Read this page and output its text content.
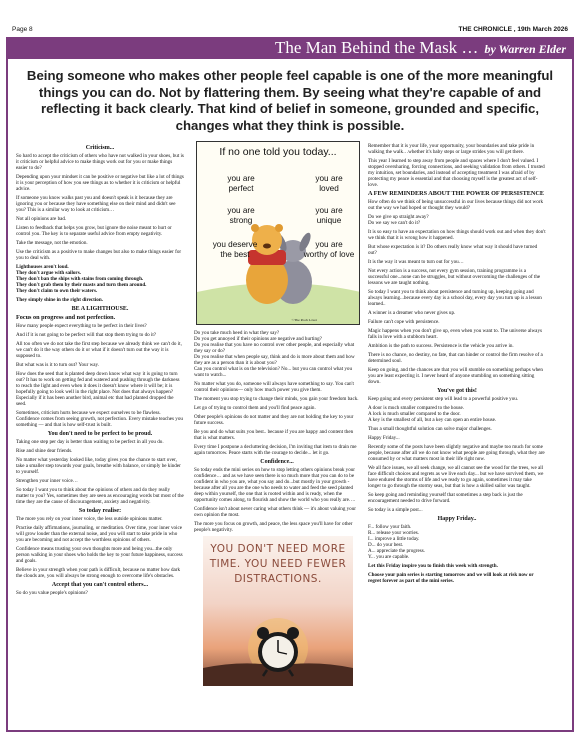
Page 8	THE CHRONICLE , 19th March 2026
The Man Behind the Mask … by Warren Elder
Being someone who makes other people feel capable is one of the more meaningful things you can do. Not by flattering them. By seeing what they're capable of and reflecting it back clearly. That kind of belief in someone, grounded and specific, changes what they think is possible.
Criticism...

So hard to accept the criticism of others who have not walked in your shoes, but is it criticism or helpful advice to make things work out for you or make things easier to do?

Depending upon your mindset it can be positive or negative but like a lot of things it is your perception of how you see things as to whether it is criticism or helpful advice.

If someone you know walks past you and doesn't speak is it because they are ignoring you or because they have something else on their mind and didn't see you? This is a similar way to look at criticism…

Not all opinions are bad.

Listen to feedback that helps you grow, but ignore the noise meant to hurt or control you. The key is to separate useful advice from empty negativity.

Take the message, not the emotion.

Use the criticism as a positive to make changes but also to make things easier for you to deal with.

Lighthouses aren't loud.
They don't argue with sailors.
They don't ban the ships with stains from coming through.
They don't grab them by their masts and turn them around.

They don't claim to own their waters.

They simply shine in the right direction.

BE A LIGHTHOUSE.
Focus on progress and not perfection.

How many people expect everything to be perfect in their lives?

And if it is not going to be perfect will that stop them trying to do it?

All too often we do not take the first step because we already think we can't do it, we can't do it the way others do it or what if it doesn't turn out the way it is supposed to.

But what was is it to turn out? Your way.

How does the seed that is planted deep down know what way it is going to turn out? It has to work on getting fed and watered and pushing through the darkness to reach the light and even when it does it doesn't know where it will be; it is hopefully going to look well in the right place. Not does that always happen? Especially if it has been another bird, animal etc that had planted dropped the seed.

Sometimes, criticism hurts because we expect ourselves to be flawless. Confidence comes from seeing growth, not perfection. Every mistake teaches you something — and that is how self-trust is built.

You don't need to be perfect to be proud.

Taking one step per day is better than waiting to be perfect in all you do.

Rise and shine dear friends.

No matter what yesterday looked like, today gives you the chance to start over, take a smaller step towards your goals, breathe with balance, or simply be kinder to yourself.

Strengthen your inner voice…

So today I want you to think about the opinions of others and do they really matter to you? Yes, sometimes they are seen as encouraging words but most of the time they are the cause of discouragement, anxiety and negativity.

So today realise:

The more you rely on your inner voice, the less outside opinions matter.

Practise daily affirmations, journaling, or meditation. Over time, your inner voice will grow louder than the external noise, and you will start to take pride in who you are becoming and not accept the worthless opinions of others.

Confidence means trusting your own thoughts more and being you...the only person walking in your shoes who holds the key to your future happiness, success and goals.

Believe in your strength when your path is difficult, because no matter how dark the clouds are, you will always be strong enough to overcome life's obstacles.

Accept that you can't control others...

So do you value people's opinions?

If no one told you today...
you are perfect
you are strong
you deserve the best
you are loved
you are unique
you are worthy of love
©The Pooh Lover
Do you take much heed in what they say?
Do you get annoyed if their opinions are negative and hurting?
Do you realise that you have no control over other people, and especially what they say or do?
Do you realise that when people say, think and do is more about them and how they are as a person than it is about you?

Can you control what is on the television? No... but you can control what you want to watch...

No matter what you do, someone will always have something to say. You can't control their opinions— only how much power you give them.

The moment you stop trying to change their minds, you gain your freedom back.

Let go of trying to control them and you'll find peace again.

Other people's opinions do not matter and they are not holding the key to your future success.

Be you and do what suits you best.. because if you are happy and content then that is what matters.

Every time I postpone a decluttering decision, I'm inviting that item to drain me again tomorrow. Peace starts with the courage to decide... let it go.

Confidence...

So today ends the mini series on how to stop letting others opinions break your confidence… and as we have seen there is so much more that you can do to be confident in who you are, what you say and do...but mostly in your growth - because after all you are the one who needs to water and feed the seed planted deep within yourself, the one that is rooted within and is ready, when the opportunity comes along, to flourish and show the world who you really are….

Confidence isn't about never caring what others think — it's about valuing your own opinion the most.

The more you focus on growth, and peace, the less space you'll have for other people's negativity.

YOU DON'T NEED MORE TIME. YOU NEED FEWER DISTRACTIONS.

Remember that it is your life, your opportunity, your boundaries and take pride in walking the walk…whether it's baby steps or large strides you will get there.

This year I learned to step away from people and spaces where I don't feel valued. I stopped oversharing, forcing connections, and seeking validation from others. I trusted my intuition, set boundaries, and instead of accepting treatment I was afraid of by protecting my peace is essential and that choosing myself is the greatest act of self-love.

A FEW REMINDERS ABOUT THE POWER OF PERSISTENCE

How often do we think of being unsuccessful in our lives because things did not work out the way we had hoped or thought they would?

Do we give up straight away?

Do we say we can't do it?

It is so easy to have an expectation on how things should work out and when they don't we think that it is wrong how it happened.

But whose expectation is it? Do others really know what way it should have turned out?

It is the way it was meant to turn out for you…

Not every action is a success, not every gym session, training programme is a successful one...none can be struggles, but without overcoming the challenges of the lessons we are taught nothing.

So today I want you to think about persistence and turning up, keeping going and always learning...because every day is a school day, every day you turn up is a lesson learned..

A winner is a dreamer who never gives up.

Failure can't cope with persistence.

Magic happens when you don't give up, even when you want to. The universe always falls in love with a stubborn heart.

Ambition is the path to success. Persistence is the vehicle you arrive in.

There is no chance, no destiny, no fate, that can hinder or control the firm resolve of a determined soul.

Keep on going, and the chances are that you will stumble on something perhaps when you are least expecting it. I never heard of anyone stumbling on something sitting down.

You've got this!

Keep going and every persistent step will lead to a powerful positive you.

A door is much smaller compared to the house.
A lock is much smaller compared to the door.

A key is the smallest of all, but a key can open an entire house.

Thus a small thoughtful solution can solve major challenges.

Happy Friday...

Recently some of the posts have been slightly negative and maybe too much for some people, because after all we do not know what people are going through, what they are consumed by or what matters most in their life right now.

We all face issues, we all seek change, we all cannot see the wood for the trees, we all face difficult choices and regrets as we live each day... but we have survived them, we have endured the storms of life and we ready to go again, sometimes it may take longer to go through the stormy seas, but that is how a skilled sailor was taught.

So keep going and reminding yourself that sometimes a step back is just the encouragement needed to drive forward.

So today is a simple post...

Happy Friday..
F... follow your faith.
R... release your worries.
I... improve a little today.
D... do your best.
A... appreciate the progress.

Y... you are capable.

Let this Friday inspire you to finish this week with strength.

Choose your pain series is starting tomorrow and we will look at risk now or regret forever as part of the mini series.
